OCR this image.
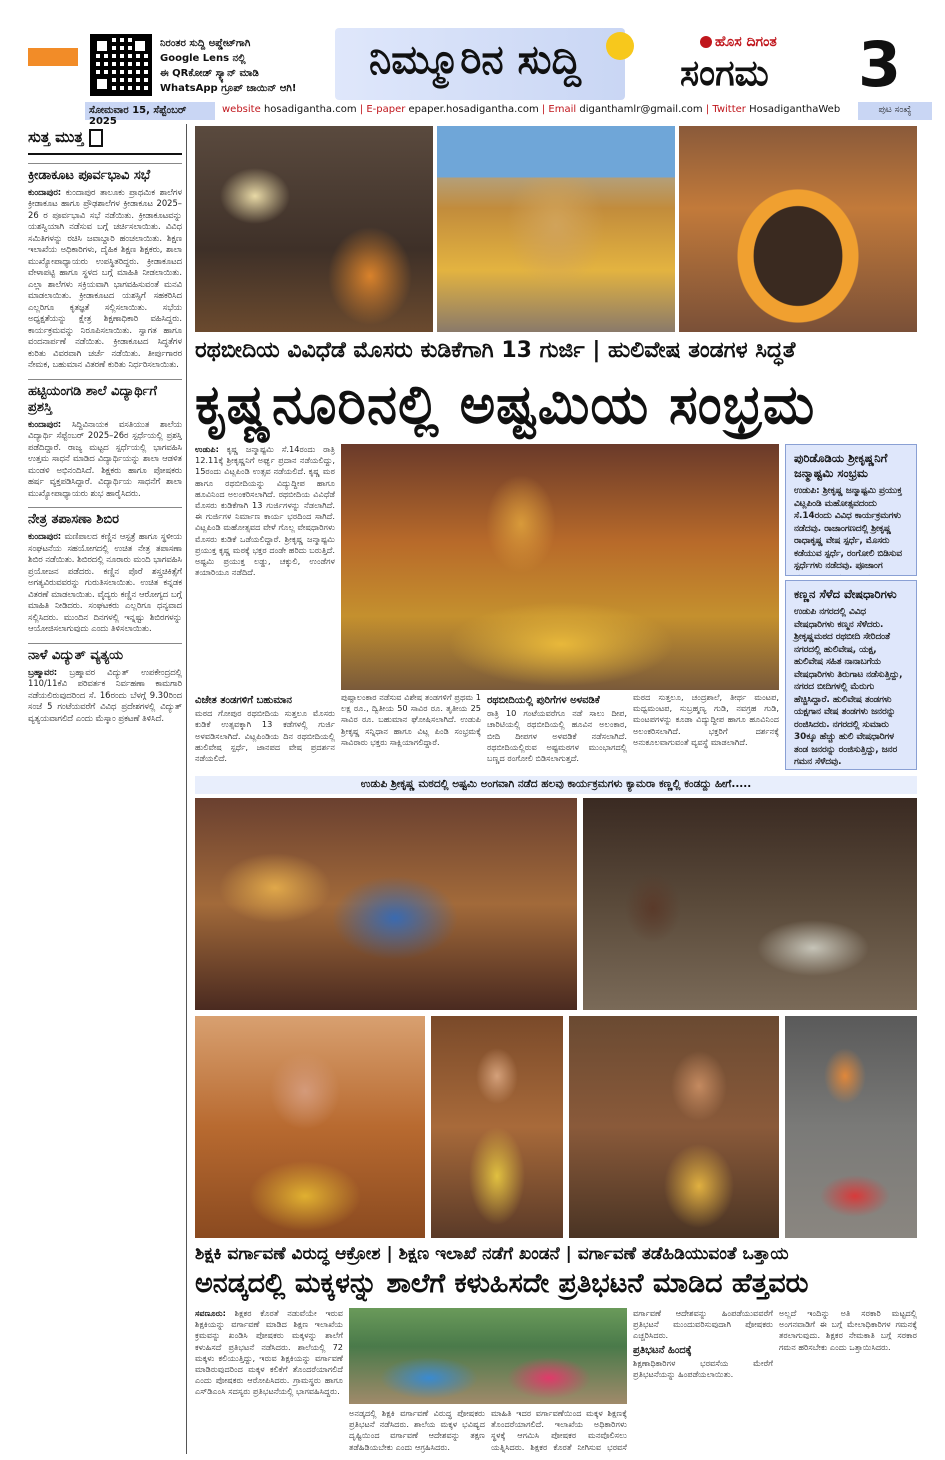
ನಿರಂತರ ಸುದ್ದಿ ಅಪ್ಡೇಟ್‌ಗಾಗಿ
Google Lens ನಲ್ಲಿ
ಈ QRಕೋಡ್ ಸ್ಕ್ಯಾನ್ ಮಾಡಿ
WhatsApp ಗ್ರೂಪ್ ಜಾಯಿನ್ ಆಗಿ!
ನಿಮ್ಮೂರಿನ ಸುದ್ದಿ	ಹೊಸ ದಿಗಂತ
ಸಂಗಮ 3
ಸೋಮವಾರ 15, ಸೆಪ್ಟೆಂಬರ್ 2025
website hosadigantha.com | E-paper epaper.hosadigantha.com | Email diganthamlr@gmail.com | Twitter HosadiganthaWeb	ಪುಟ ಸಂಖ್ಯೆ
ಸುತ್ತ ಮುತ್ತ
ಕ್ರೀಡಾಕೂಟ ಪೂರ್ವಭಾವಿ ಸಭೆ

ಕುಂದಾಪುರ: ಕುಂದಾಪುರ ತಾಲೂಕು ಪ್ರಾಥಮಿಕ ಶಾಲೆಗಳ ಕ್ರೀಡಾಕೂಟ ಹಾಗೂ ಪ್ರೌಢಶಾಲೆಗಳ ಕ್ರೀಡಾಕೂಟ 2025–26 ರ ಪೂರ್ವಭಾವಿ ಸಭೆ ನಡೆಯಿತು. ಕ್ರೀಡಾಕೂಟವನ್ನು ಯಶಸ್ವಿಯಾಗಿ ನಡೆಸುವ ಬಗ್ಗೆ ಚರ್ಚಿಸಲಾಯಿತು. ವಿವಿಧ ಸಮಿತಿಗಳನ್ನು ರಚಿಸಿ ಜವಾಬ್ದಾರಿ ಹಂಚಲಾಯಿತು. ಶಿಕ್ಷಣ ಇಲಾಖೆಯ ಅಧಿಕಾರಿಗಳು, ದೈಹಿಕ ಶಿಕ್ಷಣ ಶಿಕ್ಷಕರು, ಶಾಲಾ ಮುಖ್ಯೋಪಾಧ್ಯಾಯರು ಉಪಸ್ಥಿತರಿದ್ದರು. ಕ್ರೀಡಾಕೂಟದ ವೇಳಾಪಟ್ಟಿ ಹಾಗೂ ಸ್ಥಳದ ಬಗ್ಗೆ ಮಾಹಿತಿ ನೀಡಲಾಯಿತು. ಎಲ್ಲಾ ಶಾಲೆಗಳು ಸಕ್ರಿಯವಾಗಿ ಭಾಗವಹಿಸುವಂತೆ ಮನವಿ ಮಾಡಲಾಯಿತು. ಕ್ರೀಡಾಕೂಟದ ಯಶಸ್ಸಿಗೆ ಸಹಕರಿಸಿದ ಎಲ್ಲರಿಗೂ ಕೃತಜ್ಞತೆ ಸಲ್ಲಿಸಲಾಯಿತು. ಸಭೆಯ ಅಧ್ಯಕ್ಷತೆಯನ್ನು ಕ್ಷೇತ್ರ ಶಿಕ್ಷಣಾಧಿಕಾರಿ ವಹಿಸಿದ್ದರು. ಕಾರ್ಯಕ್ರಮವನ್ನು ನಿರೂಪಿಸಲಾಯಿತು. ಸ್ವಾಗತ ಹಾಗೂ ವಂದನಾರ್ಪಣೆ ನಡೆಯಿತು. ಕ್ರೀಡಾಕೂಟದ ಸಿದ್ಧತೆಗಳ ಕುರಿತು ವಿವರವಾಗಿ ಚರ್ಚೆ ನಡೆಯಿತು. ತೀರ್ಪುಗಾರರ ನೇಮಕ, ಬಹುಮಾನ ವಿತರಣೆ ಕುರಿತು ನಿರ್ಧರಿಸಲಾಯಿತು.

ಹಟ್ಟಿಯಂಗಡಿ ಶಾಲೆ ವಿದ್ಯಾರ್ಥಿಗೆ ಪ್ರಶಸ್ತಿ

ಕುಂದಾಪುರ: ಸಿದ್ದಿವಿನಾಯಕ ವಸತಿಯುತ ಶಾಲೆಯ ವಿದ್ಯಾರ್ಥಿ ಸೆಪ್ಟೆಂಬರ್ 2025–26ರ ಸ್ಪರ್ಧೆಯಲ್ಲಿ ಪ್ರಶಸ್ತಿ ಪಡೆದಿದ್ದಾರೆ. ರಾಜ್ಯ ಮಟ್ಟದ ಸ್ಪರ್ಧೆಯಲ್ಲಿ ಭಾಗವಹಿಸಿ ಉತ್ತಮ ಸಾಧನೆ ಮಾಡಿದ ವಿದ್ಯಾರ್ಥಿಯನ್ನು ಶಾಲಾ ಆಡಳಿತ ಮಂಡಳಿ ಅಭಿನಂದಿಸಿದೆ. ಶಿಕ್ಷಕರು ಹಾಗೂ ಪೋಷಕರು ಹರ್ಷ ವ್ಯಕ್ತಪಡಿಸಿದ್ದಾರೆ. ವಿದ್ಯಾರ್ಥಿಯ ಸಾಧನೆಗೆ ಶಾಲಾ ಮುಖ್ಯೋಪಾಧ್ಯಾಯರು ಶುಭ ಹಾರೈಸಿದರು.

ನೇತ್ರ ತಪಾಸಣಾ ಶಿಬಿರ

ಕುಂದಾಪುರ: ಮಣಿಪಾಲದ ಕಣ್ಣಿನ ಆಸ್ಪತ್ರೆ ಹಾಗೂ ಸ್ಥಳೀಯ ಸಂಘಟನೆಯ ಸಹಯೋಗದಲ್ಲಿ ಉಚಿತ ನೇತ್ರ ತಪಾಸಣಾ ಶಿಬಿರ ನಡೆಯಿತು. ಶಿಬಿರದಲ್ಲಿ ನೂರಾರು ಮಂದಿ ಭಾಗವಹಿಸಿ ಪ್ರಯೋಜನ ಪಡೆದರು. ಕಣ್ಣಿನ ಪೊರೆ ಶಸ್ತ್ರಚಿಕಿತ್ಸೆಗೆ ಅಗತ್ಯವಿರುವವರನ್ನು ಗುರುತಿಸಲಾಯಿತು. ಉಚಿತ ಕನ್ನಡಕ ವಿತರಣೆ ಮಾಡಲಾಯಿತು. ವೈದ್ಯರು ಕಣ್ಣಿನ ಆರೋಗ್ಯದ ಬಗ್ಗೆ ಮಾಹಿತಿ ನೀಡಿದರು. ಸಂಘಟಕರು ಎಲ್ಲರಿಗೂ ಧನ್ಯವಾದ ಸಲ್ಲಿಸಿದರು. ಮುಂದಿನ ದಿನಗಳಲ್ಲಿ ಇನ್ನಷ್ಟು ಶಿಬಿರಗಳನ್ನು ಆಯೋಜಿಸಲಾಗುವುದು ಎಂದು ತಿಳಿಸಲಾಯಿತು.

ನಾಳೆ ವಿದ್ಯುತ್ ವ್ಯತ್ಯಯ

ಬ್ರಹ್ಮಾವರ: ಬ್ರಹ್ಮಾವರ ವಿದ್ಯುತ್ ಉಪಕೇಂದ್ರದಲ್ಲಿ 110/11ಕೆವಿ ಪರಿವರ್ತಕ ನಿರ್ವಹಣಾ ಕಾಮಗಾರಿ ನಡೆಯಲಿರುವುದರಿಂದ ಸೆ. 16ರಂದು ಬೆಳಗ್ಗೆ 9.30ರಿಂದ ಸಂಜೆ 5 ಗಂಟೆಯವರೆಗೆ ವಿವಿಧ ಪ್ರದೇಶಗಳಲ್ಲಿ ವಿದ್ಯುತ್ ವ್ಯತ್ಯಯವಾಗಲಿದೆ ಎಂದು ಮೆಸ್ಕಾಂ ಪ್ರಕಟಣೆ ತಿಳಿಸಿದೆ.

ರಥಬೀದಿಯ ವಿವಿಧೆಡೆ ಮೊಸರು ಕುಡಿಕೆಗಾಗಿ 13 ಗುರ್ಜಿ | ಹುಲಿವೇಷ ತಂಡಗಳ ಸಿದ್ಧತೆ
ಕೃಷ್ಣನೂರಿನಲ್ಲಿ ಅಷ್ಟಮಿಯ ಸಂಭ್ರಮ
ಉಡುಪಿ: ಕೃಷ್ಣ ಜನ್ಮಾಷ್ಟಮಿ ಸೆ.14ರಂದು ರಾತ್ರಿ 12.11ಕ್ಕೆ ಶ್ರೀಕೃಷ್ಣನಿಗೆ ಅರ್ಘ್ಯ ಪ್ರದಾನ ನಡೆಯಲಿದ್ದು, 15ರಂದು ವಿಟ್ಲಪಿಂಡಿ ಉತ್ಸವ ನಡೆಯಲಿದೆ. ಕೃಷ್ಣ ಮಠ ಹಾಗೂ ರಥಬೀದಿಯನ್ನು ವಿದ್ಯುದ್ದೀಪ ಹಾಗೂ ಹೂವಿನಿಂದ ಅಲಂಕರಿಸಲಾಗಿದೆ. ರಥಬೀದಿಯ ವಿವಿಧೆಡೆ ಮೊಸರು ಕುಡಿಕೆಗಾಗಿ 13 ಗುರ್ಜಿಗಳನ್ನು ನೆಡಲಾಗಿದೆ. ಈ ಗುರ್ಜಿಗಳ ನಿರ್ಮಾಣ ಕಾರ್ಯ ಭರದಿಂದ ಸಾಗಿದೆ. ವಿಟ್ಲಪಿಂಡಿ ಮಹೋತ್ಸವದ ವೇಳೆ ಗೊಲ್ಲ ವೇಷಧಾರಿಗಳು ಮೊಸರು ಕುಡಿಕೆ ಒಡೆಯಲಿದ್ದಾರೆ. ಶ್ರೀಕೃಷ್ಣ ಜನ್ಮಾಷ್ಟಮಿ ಪ್ರಯುಕ್ತ ಕೃಷ್ಣ ಮಠಕ್ಕೆ ಭಕ್ತರ ದಂಡೇ ಹರಿದು ಬರುತ್ತಿದೆ. ಅಷ್ಟಮಿ ಪ್ರಯುಕ್ತ ಲಡ್ಡು, ಚಕ್ಕುಲಿ, ಉಂಡೆಗಳ ತಯಾರಿಯೂ ನಡೆದಿದೆ.
ಪುರಿಡೊಡಿಯ ಶ್ರೀಕೃಷ್ಣನಿಗೆ ಜನ್ಮಾಷ್ಟಮಿ ಸಂಭ್ರಮ

ಉಡುಪಿ: ಶ್ರೀಕೃಷ್ಣ ಜನ್ಮಾಷ್ಟಮಿ ಪ್ರಯುಕ್ತ ವಿಟ್ಲಪಿಂಡಿ ಮಹೋತ್ಸವದಂದು ಸೆ.14ರಂದು ವಿವಿಧ ಕಾರ್ಯಕ್ರಮಗಳು ನಡೆದವು. ರಾಜಾಂಗಣದಲ್ಲಿ ಶ್ರೀಕೃಷ್ಣ ರಾಧಾಕೃಷ್ಣ ವೇಷ ಸ್ಪರ್ಧೆ, ಮೊಸರು ಕಡೆಯುವ ಸ್ಪರ್ಧೆ, ರಂಗೋಲಿ ಬಿಡಿಸುವ ಸ್ಪರ್ಧೆಗಳು ನಡೆದವು. ಪೂಜಾಂಗ

ಕಣ್ಣನ ಸೆಳೆದ ವೇಷಧಾರಿಗಳು

ಉಡುಪಿ ನಗರದಲ್ಲಿ ವಿವಿಧ ವೇಷಧಾರಿಗಳು ಕಣ್ಮನ ಸೆಳೆದರು. ಶ್ರೀಕೃಷ್ಣಮಠದ ರಥಬೀದಿ ಸೇರಿದಂತೆ ನಗರದಲ್ಲಿ ಹುಲಿವೇಷ, ಯಕ್ಷ, ಹುಲಿವೇಷ ಸಹಿತ ನಾನಾಬಗೆಯ ವೇಷಧಾರಿಗಳು ತಿರುಗಾಟ ನಡೆಸುತ್ತಿದ್ದು, ನಗರದ ಬೀದಿಗಳಲ್ಲಿ ಮೆರುಗು ಹೆಚ್ಚಿಸಿದ್ದಾರೆ. ಹುಲಿವೇಷ ತಂಡಗಳು ಯಕ್ಷಗಾನ ವೇಷ ತಂಡಗಳು ಜನರನ್ನು ರಂಜಿಸಿದರು. ನಗರದಲ್ಲಿ ಸುಮಾರು 30ಕ್ಕೂ ಹೆಚ್ಚು ಹುಲಿ ವೇಷಧಾರಿಗಳ ತಂಡ ಜನರನ್ನು ರಂಜಿಸುತ್ತಿದ್ದು, ಜನರ ಗಮನ ಸೆಳೆದವು.

ವಿಜೇತ ತಂಡಗಳಿಗೆ ಬಹುಮಾನ
ಮಠದ ಗೋಪುರ ರಥಬೀದಿಯ ಸುತ್ತಲೂ ಮೊಸರು ಕುಡಿಕೆ ಉತ್ಸವಕ್ಕಾಗಿ 13 ಕಡೆಗಳಲ್ಲಿ ಗುರ್ಜಿ ಅಳವಡಿಸಲಾಗಿದೆ. ವಿಟ್ಲಪಿಂಡಿಯ ದಿನ ರಥಬೀದಿಯಲ್ಲಿ ಹುಲಿವೇಷ ಸ್ಪರ್ಧೆ, ಜಾನಪದ ವೇಷ ಪ್ರದರ್ಶನ ನಡೆಯಲಿದೆ.
ಪುಷ್ಪಾಲಂಕಾರ ನಡೆಸುವ ವಿಶೇಷ ತಂಡಗಳಿಗೆ ಪ್ರಥಮ 1 ಲಕ್ಷ ರೂ., ದ್ವಿತೀಯ 50 ಸಾವಿರ ರೂ. ತೃತೀಯ 25 ಸಾವಿರ ರೂ. ಬಹುಮಾನ ಘೋಷಿಸಲಾಗಿದೆ. ಉಡುಪಿ ಶ್ರೀಕೃಷ್ಣ ಸನ್ನಿಧಾನ ಹಾಗೂ ವಿಟ್ಲ ಪಿಂಡಿ ಸಂಭ್ರಮಕ್ಕೆ ಸಾವಿರಾರು ಭಕ್ತರು ಸಾಕ್ಷಿಯಾಗಲಿದ್ದಾರೆ.
ರಥಬೀದಿಯಲ್ಲಿ ಪುರಿಗೆಗಳ ಅಳವಡಿಕೆ
ರಾತ್ರಿ 10 ಗಂಟೆಯವರೆಗೂ ನಡೆ ಸಾಲು ದೀಪ, ಚಾರಿಟಿಯಲ್ಲಿ ರಥಬೀದಿಯಲ್ಲಿ ಹೂವಿನ ಅಲಂಕಾರ, ಬೀದಿ ದೀಪಗಳ ಅಳವಡಿಕೆ ನಡೆಸಲಾಗಿದೆ. ರಥಬೀದಿಯಲ್ಲಿರುವ ಅಷ್ಟಮಠಗಳ ಮುಂಭಾಗದಲ್ಲಿ ಬಣ್ಣದ ರಂಗೋಲಿ ಬಿಡಿಸಲಾಗುತ್ತದೆ.
ಮಠದ ಸುತ್ತಲೂ, ಚಂದ್ರಶಾಲೆ, ತೀರ್ಥ ಮಂಟಪ, ಮಧ್ವಮಂಟಪ, ಸುಬ್ರಹ್ಮಣ್ಯ ಗುಡಿ, ನವಗ್ರಹ ಗುಡಿ, ಮಂಟಪಗಳನ್ನು ಕೂಡಾ ವಿದ್ಯುದ್ದೀಪ ಹಾಗೂ ಹೂವಿನಿಂದ ಅಲಂಕರಿಸಲಾಗಿದೆ. ಭಕ್ತರಿಗೆ ದರ್ಶನಕ್ಕೆ ಅನುಕೂಲವಾಗುವಂತೆ ವ್ಯವಸ್ಥೆ ಮಾಡಲಾಗಿದೆ.
ಉಡುಪಿ ಶ್ರೀಕೃಷ್ಣ ಮಠದಲ್ಲಿ ಅಷ್ಟಮಿ ಅಂಗವಾಗಿ ನಡೆದ ಹಲವು ಕಾರ್ಯಕ್ರಮಗಳು ಕ್ಯಾಮರಾ ಕಣ್ಣಲ್ಲಿ ಕಂಡದ್ದು ಹೀಗೆ.....
ಶಿಕ್ಷಕಿ ವರ್ಗಾವಣೆ ವಿರುದ್ಧ ಆಕ್ರೋಶ | ಶಿಕ್ಷಣ ಇಲಾಖೆ ನಡೆಗೆ ಖಂಡನೆ | ವರ್ಗಾವಣೆ ತಡೆಹಿಡಿಯುವಂತೆ ಒತ್ತಾಯ
ಅನಡ್ಕದಲ್ಲಿ ಮಕ್ಕಳನ್ನು ಶಾಲೆಗೆ ಕಳುಹಿಸದೇ ಪ್ರತಿಭಟನೆ ಮಾಡಿದ ಹೆತ್ತವರು
ಸವಣೂರು: ಶಿಕ್ಷಕರ ಕೊರತೆ ನಡುವೆಯೇ ಇರುವ ಶಿಕ್ಷಕಿಯನ್ನು ವರ್ಗಾವಣೆ ಮಾಡಿದ ಶಿಕ್ಷಣ ಇಲಾಖೆಯ ಕ್ರಮವನ್ನು ಖಂಡಿಸಿ ಪೋಷಕರು ಮಕ್ಕಳನ್ನು ಶಾಲೆಗೆ ಕಳುಹಿಸದೆ ಪ್ರತಿಭಟನೆ ನಡೆಸಿದರು. ಶಾಲೆಯಲ್ಲಿ 72 ಮಕ್ಕಳು ಕಲಿಯುತ್ತಿದ್ದು, ಇರುವ ಶಿಕ್ಷಕಿಯನ್ನು ವರ್ಗಾವಣೆ ಮಾಡಿರುವುದರಿಂದ ಮಕ್ಕಳ ಕಲಿಕೆಗೆ ತೊಂದರೆಯಾಗಲಿದೆ ಎಂದು ಪೋಷಕರು ಆರೋಪಿಸಿದರು. ಗ್ರಾಮಸ್ಥರು ಹಾಗೂ ಎಸ್‌ಡಿಎಂಸಿ ಸದಸ್ಯರು ಪ್ರತಿಭಟನೆಯಲ್ಲಿ ಭಾಗವಹಿಸಿದ್ದರು.
ಅನಡ್ಕದಲ್ಲಿ ಶಿಕ್ಷಕಿ ವರ್ಗಾವಣೆ ವಿರುದ್ಧ ಪೋಷಕರು ಪ್ರತಿಭಟನೆ ನಡೆಸಿದರು. ಶಾಲೆಯ ಮಕ್ಕಳ ಭವಿಷ್ಯದ ದೃಷ್ಟಿಯಿಂದ ವರ್ಗಾವಣೆ ಆದೇಶವನ್ನು ತಕ್ಷಣ ತಡೆಹಿಡಿಯಬೇಕು ಎಂದು ಆಗ್ರಹಿಸಿದರು.
ಮಾಹಿತಿ ಇದರ ವರ್ಗಾವಣೆಯಿಂದ ಮಕ್ಕಳ ಶಿಕ್ಷಣಕ್ಕೆ ತೊಂದರೆಯಾಗಲಿದೆ. ಇಲಾಖೆಯ ಅಧಿಕಾರಿಗಳು ಸ್ಥಳಕ್ಕೆ ಆಗಮಿಸಿ ಪೋಷಕರ ಮನವೊಲಿಸಲು ಯತ್ನಿಸಿದರು. ಶಿಕ್ಷಕರ ಕೊರತೆ ನೀಗಿಸುವ ಭರವಸೆ
ವರ್ಗಾವಣೆ ಆದೇಶವನ್ನು ಹಿಂಪಡೆಯುವವರೆಗೆ ಪ್ರತಿಭಟನೆ ಮುಂದುವರಿಸುವುದಾಗಿ ಪೋಷಕರು ಎಚ್ಚರಿಸಿದರು.
ಪ್ರತಿಭಟನೆ ಹಿಂದಕ್ಕೆ
ಶಿಕ್ಷಣಾಧಿಕಾರಿಗಳ ಭರವಸೆಯ ಮೇರೆಗೆ ಪ್ರತಿಭಟನೆಯನ್ನು ಹಿಂಪಡೆಯಲಾಯಿತು.
ಅಲ್ಲದೆ ಇಂದಿನ್ನು ಅತಿ ಸರಕಾರಿ ಮಟ್ಟದಲ್ಲಿ ಅಂಗನವಾಡಿಗೆ ಈ ಬಗ್ಗೆ ಮೇಲಾಧಿಕಾರಿಗಳ ಗಮನಕ್ಕೆ ತರಲಾಗುವುದು. ಶಿಕ್ಷಕರ ನೇಮಕಾತಿ ಬಗ್ಗೆ ಸರಕಾರ ಗಮನ ಹರಿಸಬೇಕು ಎಂದು ಒತ್ತಾಯಿಸಿದರು.
